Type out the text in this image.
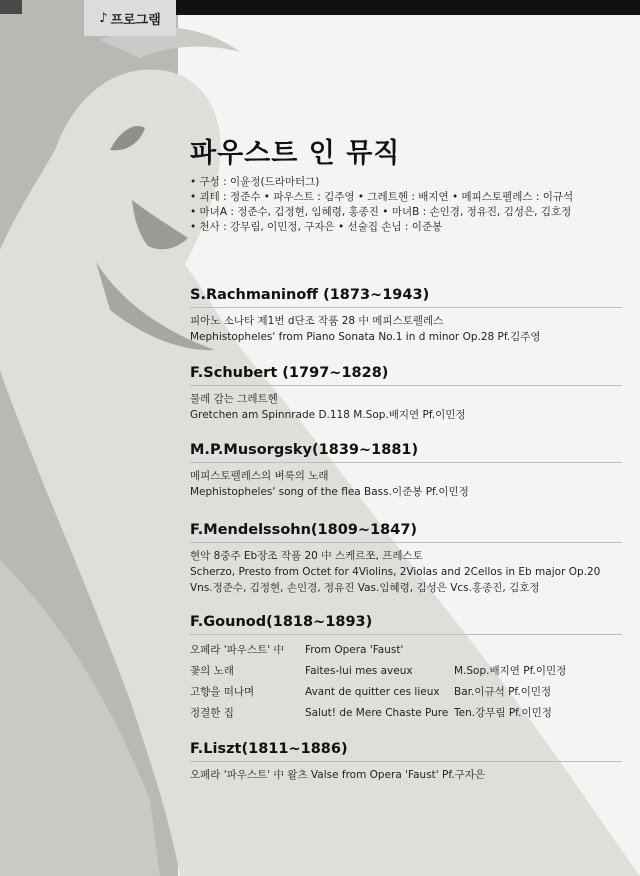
♪ 프로그램
파우스트 인 뮤직
• 구성 : 이윤정(드라마터그)
• 괴테 : 정준수 • 파우스트 : 김주영 • 그레트헨 : 배지연 • 메피스토펠레스 : 이규석
• 마녀A : 정준수, 김정현, 임혜령, 홍종진 • 마녀B : 손인경, 정유진, 김성은, 김호정
• 천사 : 강무림, 이민정, 구자은 • 선술집 손님 : 이준봉
S.Rachmaninoff (1873~1943)
피아노 소나타 제1번 d단조 작품 28 中 메피스토펠레스
Mephistopheles' from Piano Sonata No.1 in d minor Op.28 Pf.김주영
F.Schubert (1797~1828)
물레 감는 그레트헨
Gretchen am Spinnrade D.118 M.Sop.배지연 Pf.이민정
M.P.Musorgsky(1839~1881)
메피스토펠레스의 벼룩의 노래
Mephistopheles' song of the flea Bass.이준봉 Pf.이민정
F.Mendelssohn(1809~1847)
현악 8중주 Eb장조 작품 20 中 스케르쪼, 프레스토
Scherzo, Presto from Octet for 4Violins, 2Violas and 2Cellos in Eb major Op.20
Vns.정준수, 김정현, 손인경, 정유진 Vas.임혜령, 김성은 Vcs.홍종진, 김호정
F.Gounod(1818~1893)
오페라 '파우스트' 中	From Opera 'Faust'
꽃의 노래	Faites-lui mes aveux	M.Sop.배지연 Pf.이민정
고향을 떠나며	Avant de quitter ces lieux	Bar.이규석 Pf.이민정
정결한 집	Salut! de Mere Chaste Pure Ten.강무림 Pf.이민정
F.Liszt(1811~1886)
오페라 '파우스트' 中 왈츠 Valse from Opera 'Faust' Pf.구자은
